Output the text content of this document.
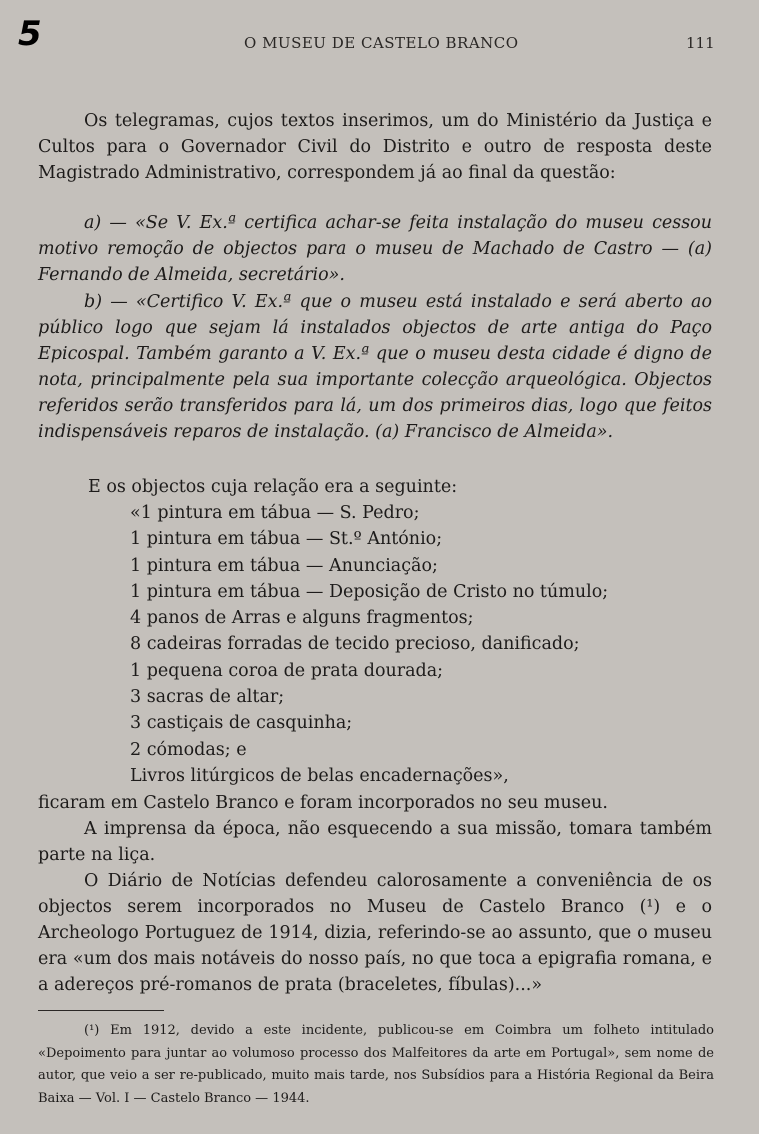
5	O MUSEU DE CASTELO BRANCO	111

Os telegramas, cujos textos inserimos, um do Ministério da Justiça e Cultos para o Governador Civil do Distrito e outro de resposta deste Magistrado Administrativo, correspondem já ao final da questão:

a) — «Se V. Ex.ª certifica achar-se feita instalação do museu cessou motivo remoção de objectos para o museu de Machado de Castro — (a) Fernando de Almeida, secretário».

b) — «Certifico V. Ex.ª que o museu está instalado e será aberto ao público logo que sejam lá instalados objectos de arte antiga do Paço Epicospal. Também garanto a V. Ex.ª que o museu desta cidade é digno de nota, principalmente pela sua importante colecção arqueológica. Objectos referidos serão transferidos para lá, um dos primeiros dias, logo que feitos indispensáveis reparos de instalação. (a) Francisco de Almeida».

E os objectos cuja relação era a seguinte:
«1 pintura em tábua — S. Pedro;
1 pintura em tábua — St.º António;
1 pintura em tábua — Anunciação;
1 pintura em tábua — Deposição de Cristo no túmulo;
4 panos de Arras e alguns fragmentos;
8 cadeiras forradas de tecido precioso, danificado;
1 pequena coroa de prata dourada;
3 sacras de altar;
3 castiçais de casquinha;
2 cómodas; e
Livros litúrgicos de belas encadernações»,

ficaram em Castelo Branco e foram incorporados no seu museu.

A imprensa da época, não esquecendo a sua missão, tomara também parte na liça.

O Diário de Notícias defendeu calorosamente a conveniência de os objectos serem incorporados no Museu de Castelo Branco (¹) e o Archeologo Portuguez de 1914, dizia, referindo-se ao assunto, que o museu era «um dos mais notáveis do nosso país, no que toca a epigrafia romana, e a adereços pré-romanos de prata (braceletes, fíbulas)...»

(¹) Em 1912, devido a este incidente, publicou-se em Coimbra um folheto intitulado «Depoimento para juntar ao volumoso processo dos Malfeitores da arte em Portugal», sem nome de autor, que veio a ser re-publicado, muito mais tarde, nos Subsídios para a História Regional da Beira Baixa — Vol. I — Castelo Branco — 1944.
